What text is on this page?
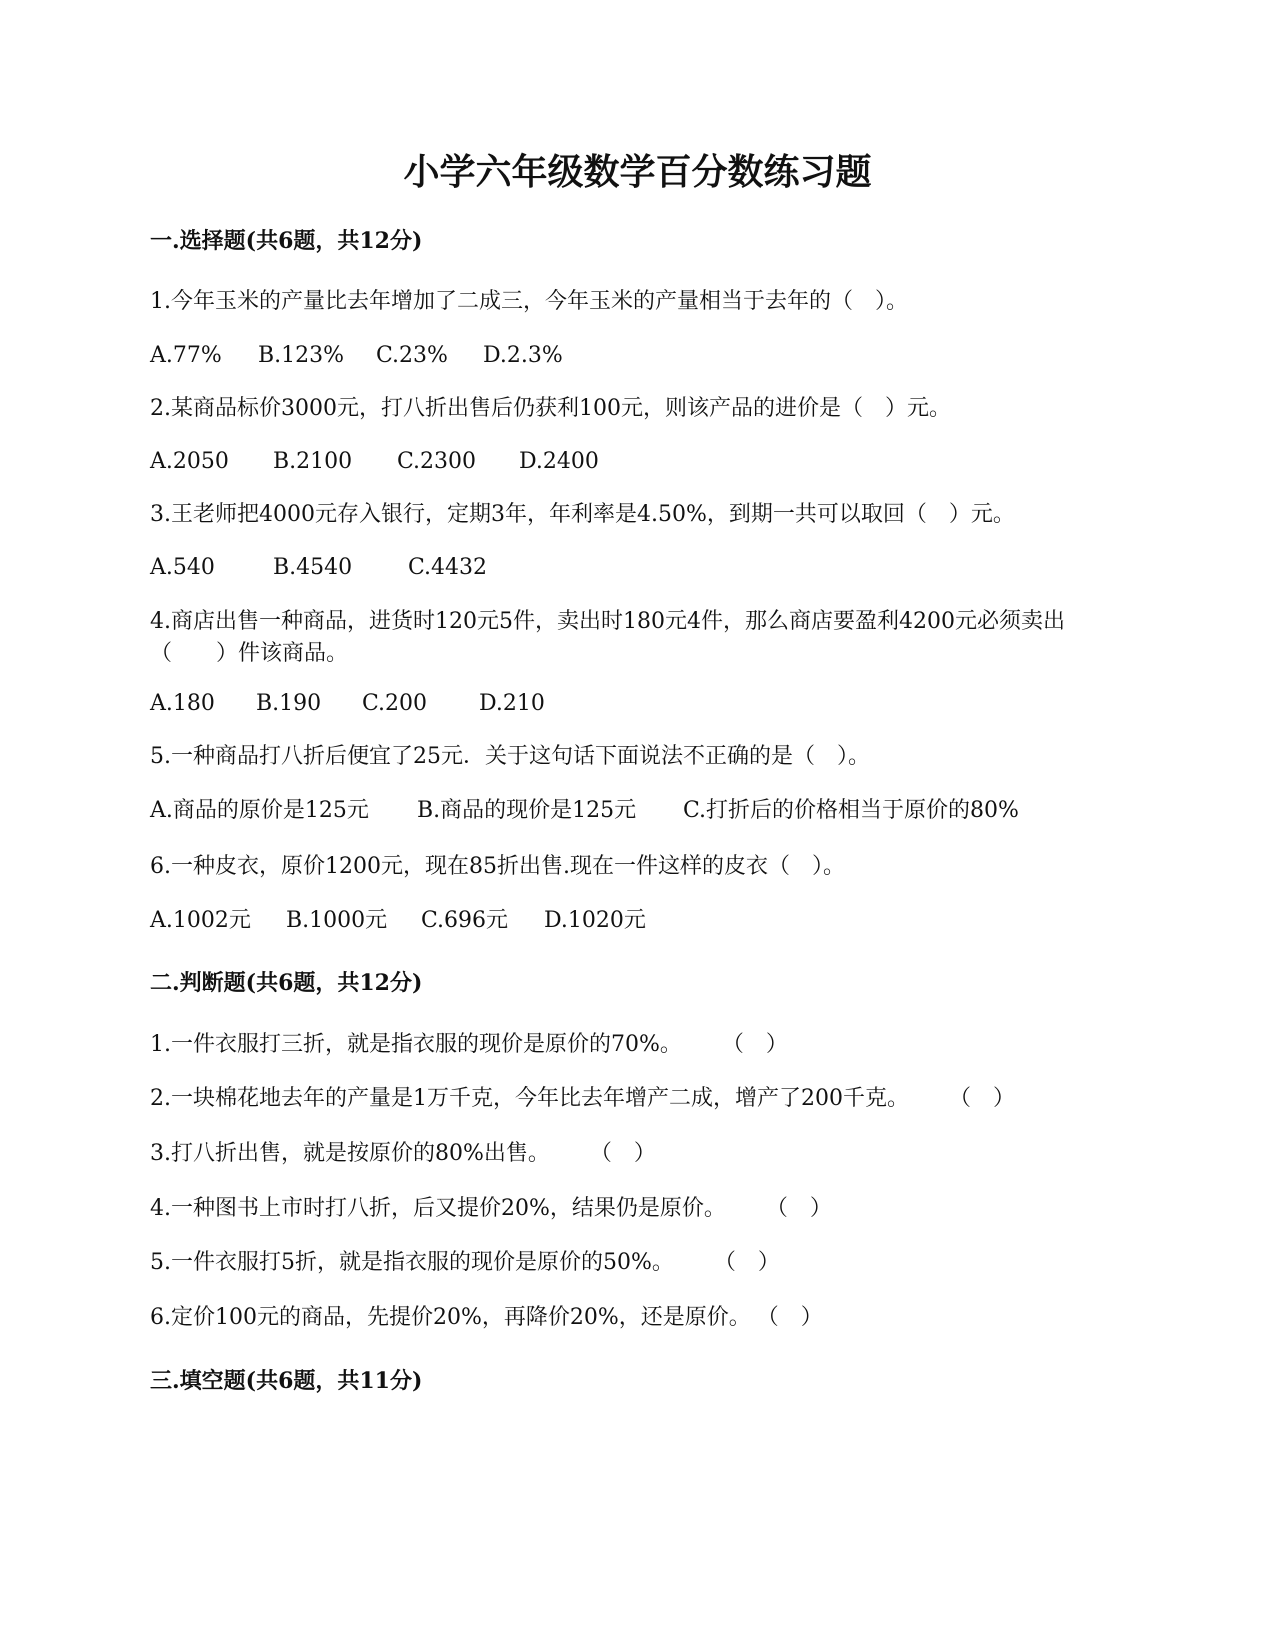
小学六年级数学百分数练习题
一.选择题(共6题，共12分)
1.今年玉米的产量比去年增加了二成三，今年玉米的产量相当于去年的（　）。
A.77% B.123% C.23% D.2.3%
2.某商品标价3000元，打八折出售后仍获利100元，则该产品的进价是（　）元。
A.2050 B.2100 C.2300 D.2400
3.王老师把4000元存入银行，定期3年，年利率是4.50%，到期一共可以取回（　）元。
A.540	B.4540	C.4432
4.商店出售一种商品，进货时120元5件，卖出时180元4件，那么商店要盈利4200元必须卖出（　　）件该商品。
A.180 B.190 C.200 D.210
5.一种商品打八折后便宜了25元．关于这句话下面说法不正确的是（　）。
A.商品的原价是125元 B.商品的现价是125元 C.打折后的价格相当于原价的80%
6.一种皮衣，原价1200元，现在85折出售.现在一件这样的皮衣（　）。
A.1002元 B.1000元 C.696元 D.1020元
二.判断题(共6题，共12分)
1.一件衣服打三折，就是指衣服的现价是原价的70%。 （　）
2.一块棉花地去年的产量是1万千克，今年比去年增产二成，增产了200千克。 （　）
3.打八折出售，就是按原价的80%出售。 （　）
4.一种图书上市时打八折，后又提价20%，结果仍是原价。 （　）
5.一件衣服打5折，就是指衣服的现价是原价的50%。 （　）
6.定价100元的商品，先提价20%，再降价20%，还是原价。 （　）
三.填空题(共6题，共11分)
